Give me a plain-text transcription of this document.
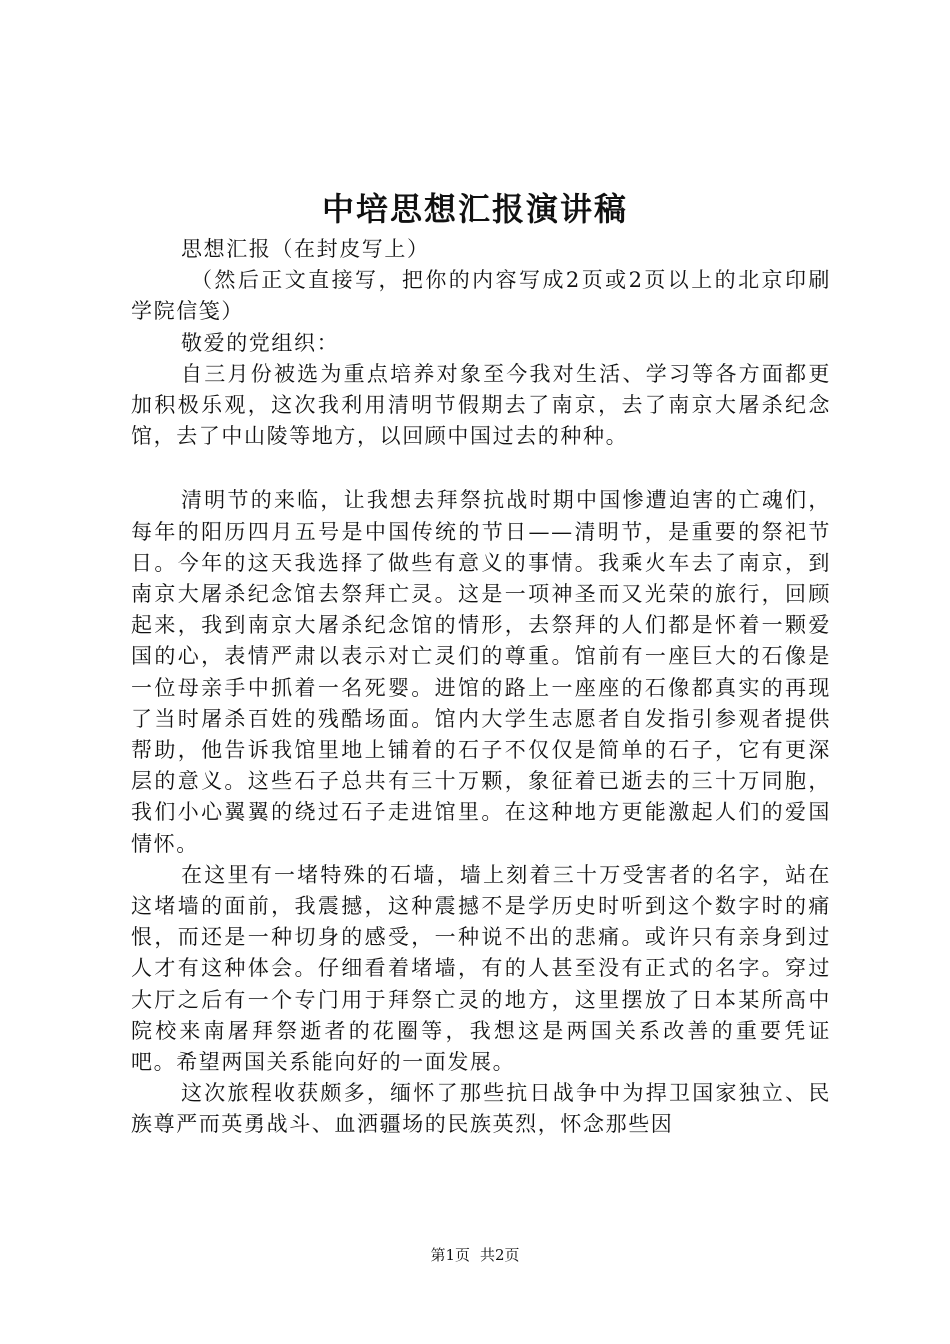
中培思想汇报演讲稿

思想汇报（在封皮写上）

（然后正文直接写，把你的内容写成2页或2页以上的北京印刷学院信笺）

敬爱的党组织：

自三月份被选为重点培养对象至今我对生活、学习等各方面都更加积极乐观，这次我利用清明节假期去了南京，去了南京大屠杀纪念馆，去了中山陵等地方，以回顾中国过去的种种。

清明节的来临，让我想去拜祭抗战时期中国惨遭迫害的亡魂们，每年的阳历四月五号是中国传统的节日——清明节，是重要的祭祀节日。今年的这天我选择了做些有意义的事情。我乘火车去了南京，到南京大屠杀纪念馆去祭拜亡灵。这是一项神圣而又光荣的旅行，回顾起来，我到南京大屠杀纪念馆的情形，去祭拜的人们都是怀着一颗爱国的心，表情严肃以表示对亡灵们的尊重。馆前有一座巨大的石像是一位母亲手中抓着一名死婴。进馆的路上一座座的石像都真实的再现了当时屠杀百姓的残酷场面。馆内大学生志愿者自发指引参观者提供帮助，他告诉我馆里地上铺着的石子不仅仅是简单的石子，它有更深层的意义。这些石子总共有三十万颗，象征着已逝去的三十万同胞，我们小心翼翼的绕过石子走进馆里。在这种地方更能激起人们的爱国情怀。

在这里有一堵特殊的石墙，墙上刻着三十万受害者的名字，站在这堵墙的面前，我震撼，这种震撼不是学历史时听到这个数字时的痛恨，而还是一种切身的感受，一种说不出的悲痛。或许只有亲身到过人才有这种体会。仔细看着堵墙，有的人甚至没有正式的名字。穿过大厅之后有一个专门用于拜祭亡灵的地方，这里摆放了日本某所高中院校来南屠拜祭逝者的花圈等，我想这是两国关系改善的重要凭证吧。希望两国关系能向好的一面发展。

这次旅程收获颇多，缅怀了那些抗日战争中为捍卫国家独立、民族尊严而英勇战斗、血洒疆场的民族英烈，怀念那些因

第1页 共2页
